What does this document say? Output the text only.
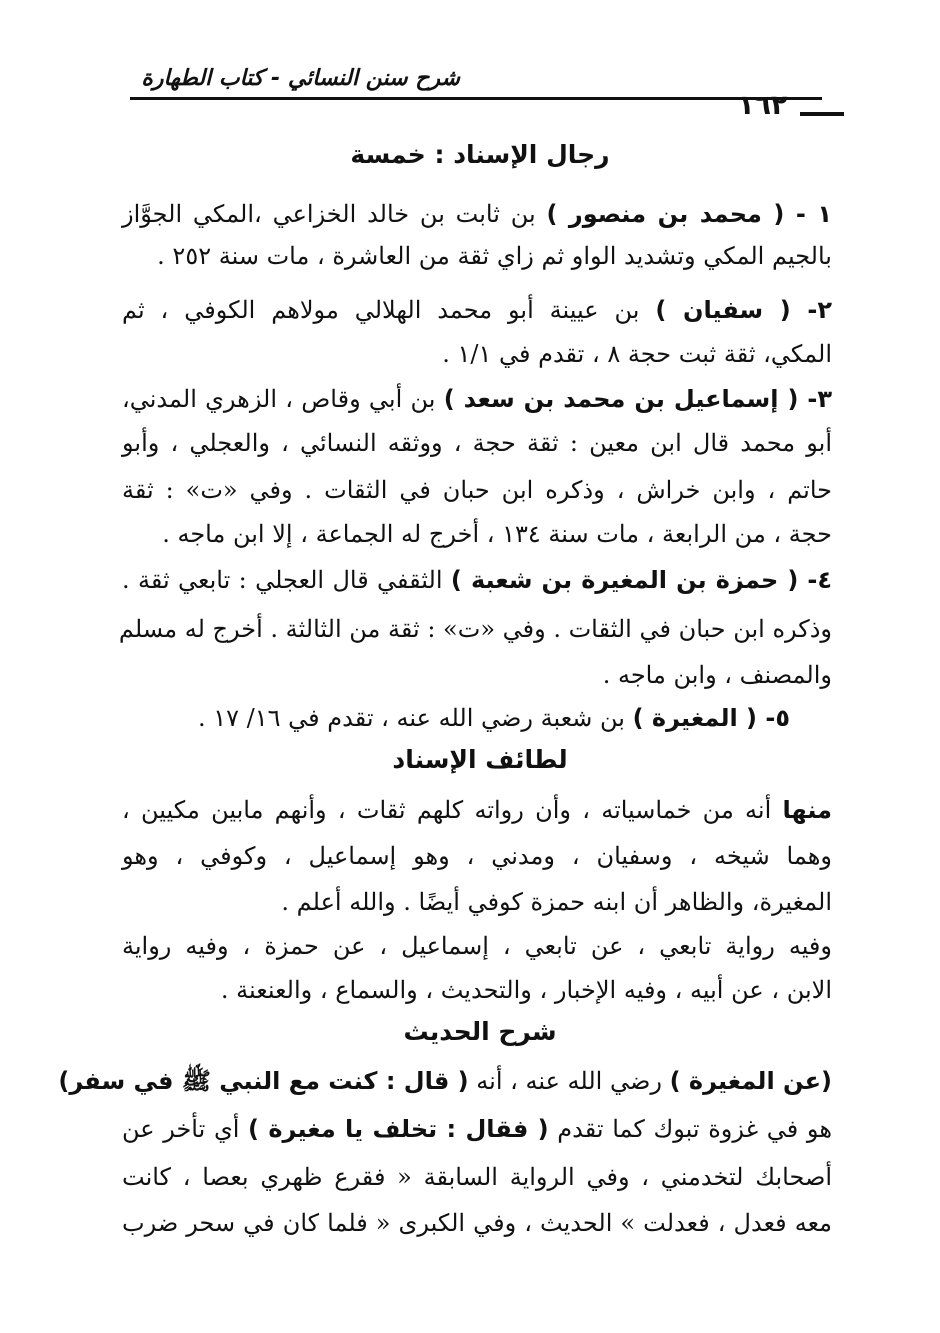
شرح سنن النسائي - كتاب الطهارة
١٦٢
رجال الإسناد : خمسة
١ - ( محمد بن منصور ) بن ثابت بن خالد الخزاعي ،المكي الجوَّاز
بالجيم المكي وتشديد الواو ثم زاي ثقة من العاشرة ، مات سنة ٢٥٢ .
٢- ( سفيان ) بن عيينة أبو محمد الهلالي مولاهم الكوفي ، ثم
المكي، ثقة ثبت حجة ٨ ، تقدم في ١/١ .
٣- ( إسماعيل بن محمد بن سعد ) بن أبي وقاص ، الزهري المدني،
أبو محمد قال ابن معين : ثقة حجة ، ووثقه النسائي ، والعجلي ، وأبو
حاتم ، وابن خراش ، وذكره ابن حبان في الثقات . وفي «ت» : ثقة
حجة ، من الرابعة ، مات سنة ١٣٤ ، أخرج له الجماعة ، إلا ابن ماجه .
٤- ( حمزة بن المغيرة بن شعبة ) الثقفي قال العجلي : تابعي ثقة .
وذكره ابن حبان في الثقات . وفي «ت» : ثقة من الثالثة . أخرج له مسلم
والمصنف ، وابن ماجه .
٥- ( المغيرة ) بن شعبة رضي الله عنه ، تقدم في ١٦/ ١٧ .
لطائف الإسناد
منها أنه من خماسياته ، وأن رواته كلهم ثقات ، وأنهم مابين مكيين ،
وهما شيخه ، وسفيان ، ومدني ، وهو إسماعيل ، وكوفي ، وهو
المغيرة، والظاهر أن ابنه حمزة كوفي أيضًا . والله أعلم .
وفيه رواية تابعي ، عن تابعي ، إسماعيل ، عن حمزة ، وفيه رواية
الابن ، عن أبيه ، وفيه الإخبار ، والتحديث ، والسماع ، والعنعنة .
شرح الحديث
(عن المغيرة ) رضي الله عنه ، أنه ( قال : كنت مع النبي ﷺ في سفر)
هو في غزوة تبوك كما تقدم ( فقال : تخلف يا مغيرة ) أي تأخر عن
أصحابك لتخدمني ، وفي الرواية السابقة « فقرع ظهري بعصا ، كانت
معه فعدل ، فعدلت » الحديث ، وفي الكبرى « فلما كان في سحر ضرب
